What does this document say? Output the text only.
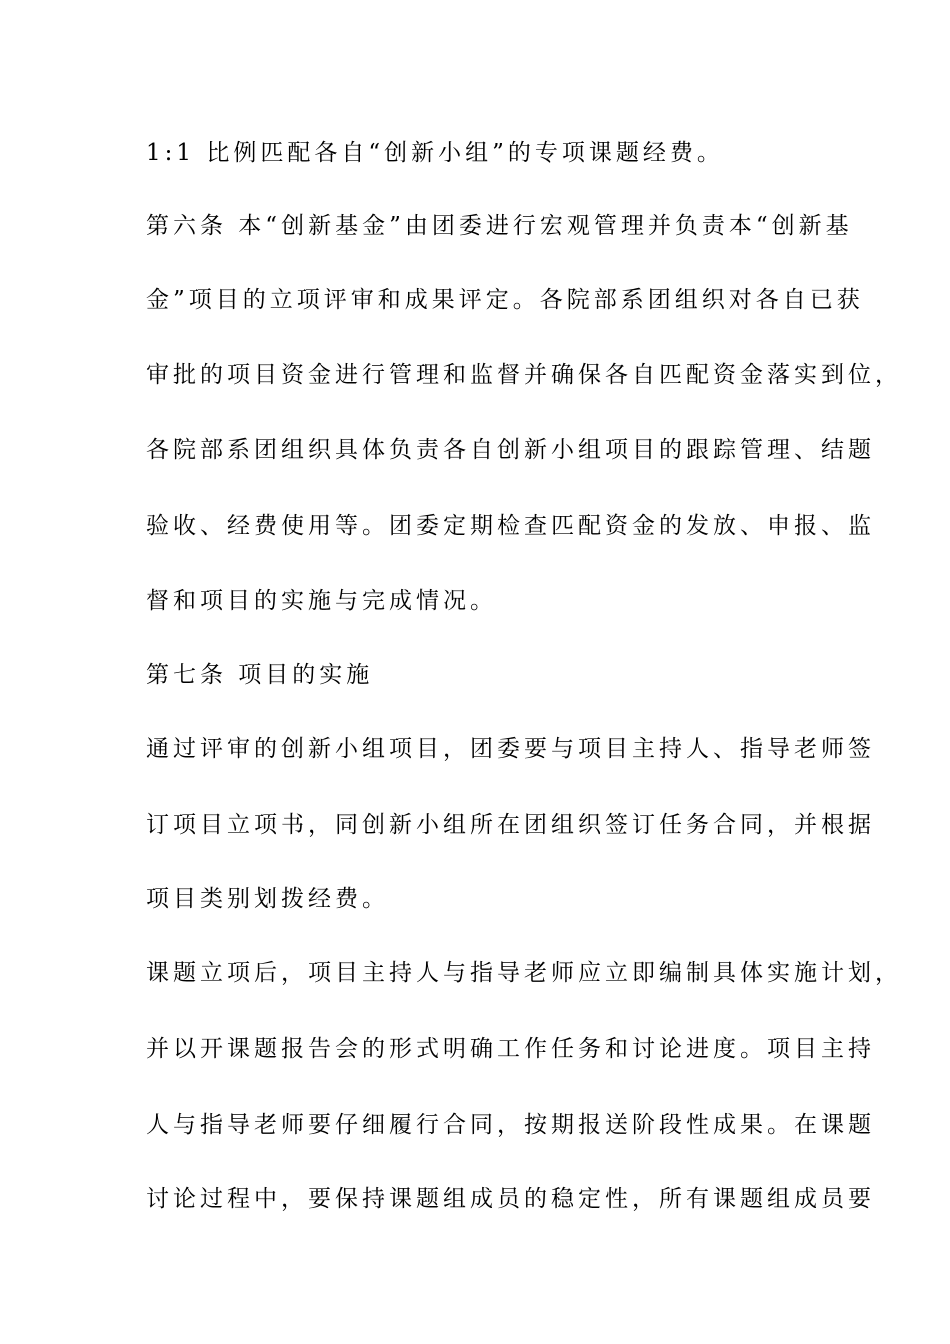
1:1 比例匹配各自“创新小组”的专项课题经费。
第六条 本“创新基金”由团委进行宏观管理并负责本“创新基
金”项目的立项评审和成果评定。各院部系团组织对各自已获
审批的项目资金进行管理和监督并确保各自匹配资金落实到位，
各院部系团组织具体负责各自创新小组项目的跟踪管理、结题
验收、经费使用等。团委定期检查匹配资金的发放、申报、监
督和项目的实施与完成情况。
第七条 项目的实施
通过评审的创新小组项目，团委要与项目主持人、指导老师签
订项目立项书，同创新小组所在团组织签订任务合同，并根据
项目类别划拨经费。
课题立项后，项目主持人与指导老师应立即编制具体实施计划，
并以开课题报告会的形式明确工作任务和讨论进度。项目主持
人与指导老师要仔细履行合同，按期报送阶段性成果。在课题
讨论过程中，要保持课题组成员的稳定性，所有课题组成员要
